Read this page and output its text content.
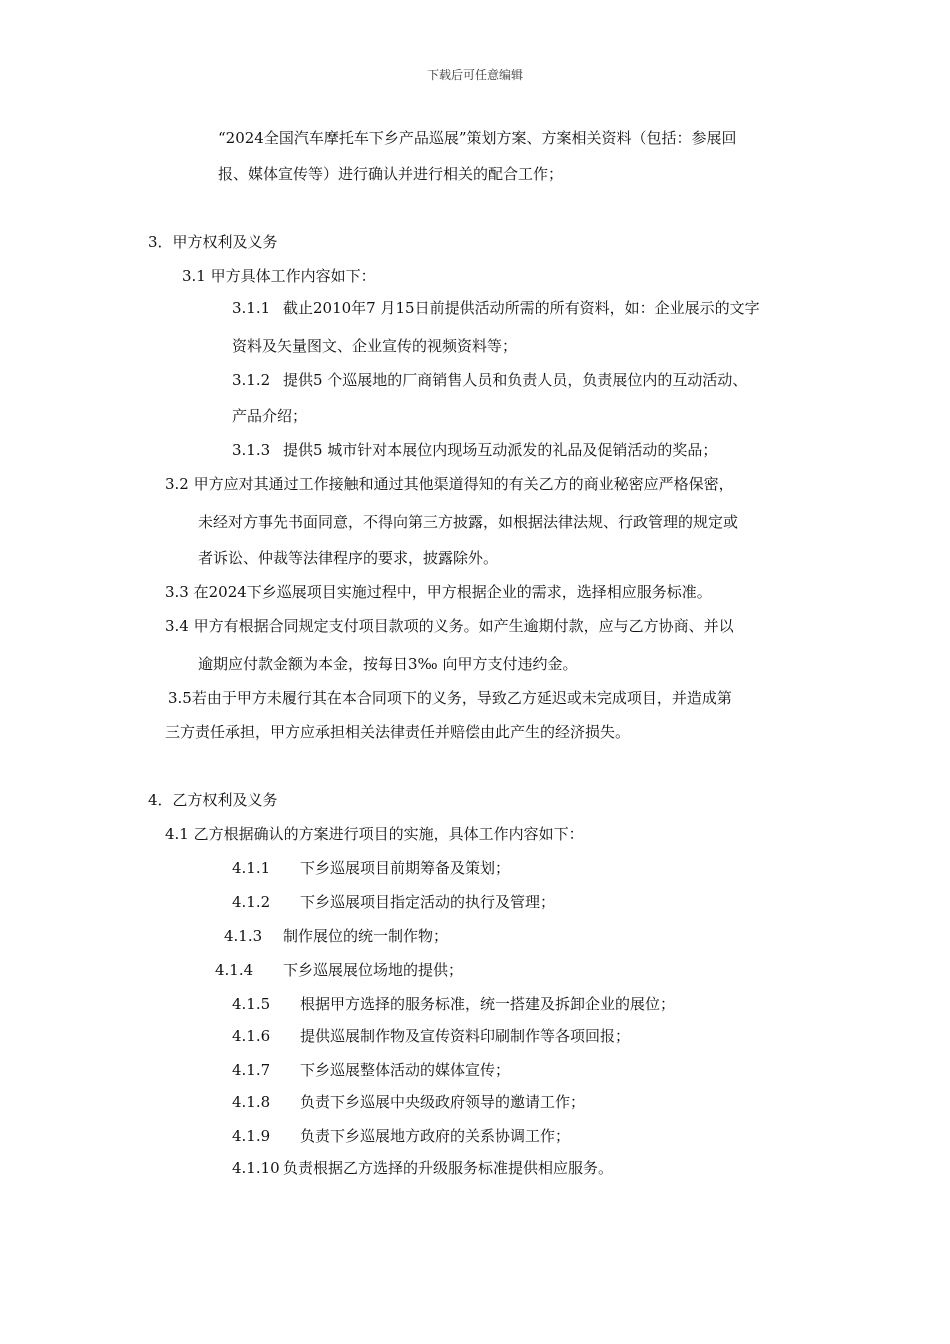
下载后可任意编辑
“2024全国汽车摩托车下乡产品巡展”策划方案、方案相关资料（包括：参展回
报、媒体宣传等）进行确认并进行相关的配合工作；
3．甲方权利及义务
3.1 甲方具体工作内容如下：
3.1.1 截止2010年7 月15日前提供活动所需的所有资料，如：企业展示的文字
资料及矢量图文、企业宣传的视频资料等；
3.1.2 提供5 个巡展地的厂商销售人员和负责人员，负责展位内的互动活动、
产品介绍；
3.1.3 提供5 城市针对本展位内现场互动派发的礼品及促销活动的奖品；
3.2 甲方应对其通过工作接触和通过其他渠道得知的有关乙方的商业秘密应严格保密，
未经对方事先书面同意，不得向第三方披露，如根据法律法规、行政管理的规定或
者诉讼、仲裁等法律程序的要求，披露除外。
3.3 在2024下乡巡展项目实施过程中，甲方根据企业的需求，选择相应服务标准。
3.4 甲方有根据合同规定支付项目款项的义务。如产生逾期付款，应与乙方协商、并以
逾期应付款金额为本金，按每日3‰ 向甲方支付违约金。
3.5若由于甲方未履行其在本合同项下的义务，导致乙方延迟或未完成项目，并造成第
三方责任承担，甲方应承担相关法律责任并赔偿由此产生的经济损失。
4．乙方权利及义务
4.1 乙方根据确认的方案进行项目的实施，具体工作内容如下：
4.1.1 下乡巡展项目前期筹备及策划；
4.1.2 下乡巡展项目指定活动的执行及管理；
4.1.3 制作展位的统一制作物；
4.1.4 下乡巡展展位场地的提供；
4.1.5 根据甲方选择的服务标准，统一搭建及拆卸企业的展位；
4.1.6 提供巡展制作物及宣传资料印刷制作等各项回报；
4.1.7 下乡巡展整体活动的媒体宣传；
4.1.8 负责下乡巡展中央级政府领导的邀请工作；
4.1.9 负责下乡巡展地方政府的关系协调工作；
4.1.10 负责根据乙方选择的升级服务标准提供相应服务。
